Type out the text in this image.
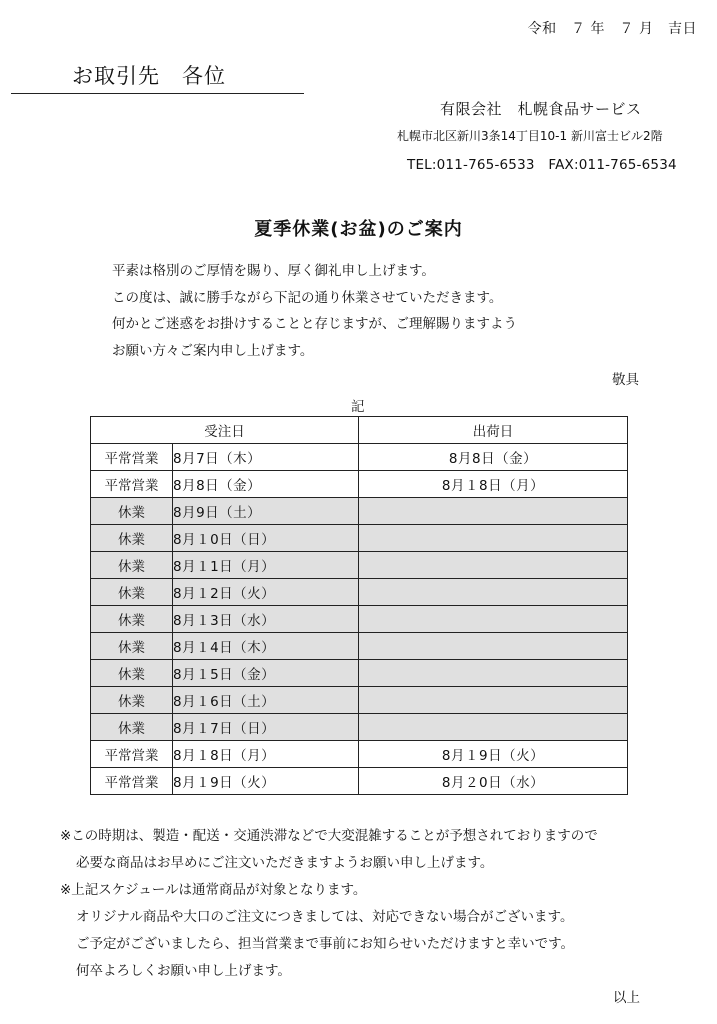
令和　７ 年　７ 月　吉日
お取引先　各位
有限会社　札幌食品サービス
札幌市北区新川3条14丁目10-1 新川富士ビル2階
TEL:011-765-6533　FAX:011-765-6534
夏季休業(お盆)のご案内
平素は格別のご厚情を賜り、厚く御礼申し上げます。
この度は、誠に勝手ながら下記の通り休業させていただきます。
何かとご迷惑をお掛けすることと存じますが、ご理解賜りますよう
お願い方々ご案内申し上げます。
敬具
記
受注日		出荷日
平常営業	8月7日（木）	8月8日（金）
平常営業	8月8日（金）	8月１8日（月）
休業	8月9日（土）	
休業	8月１0日（日）	
休業	8月１1日（月）	
休業	8月１2日（火）	
休業	8月１3日（水）	
休業	8月１4日（木）	
休業	8月１5日（金）	
休業	8月１6日（土）	
休業	8月１7日（日）	
平常営業	8月１8日（月）	8月１9日（火）
平常営業	8月１9日（火）	8月２0日（水）
※この時期は、製造・配送・交通渋滞などで大変混雑することが予想されておりますので
必要な商品はお早めにご注文いただきますようお願い申し上げます。
※上記スケジュールは通常商品が対象となります。
オリジナル商品や大口のご注文につきましては、対応できない場合がございます。
ご予定がございましたら、担当営業まで事前にお知らせいただけますと幸いです。
何卒よろしくお願い申し上げます。
以上
